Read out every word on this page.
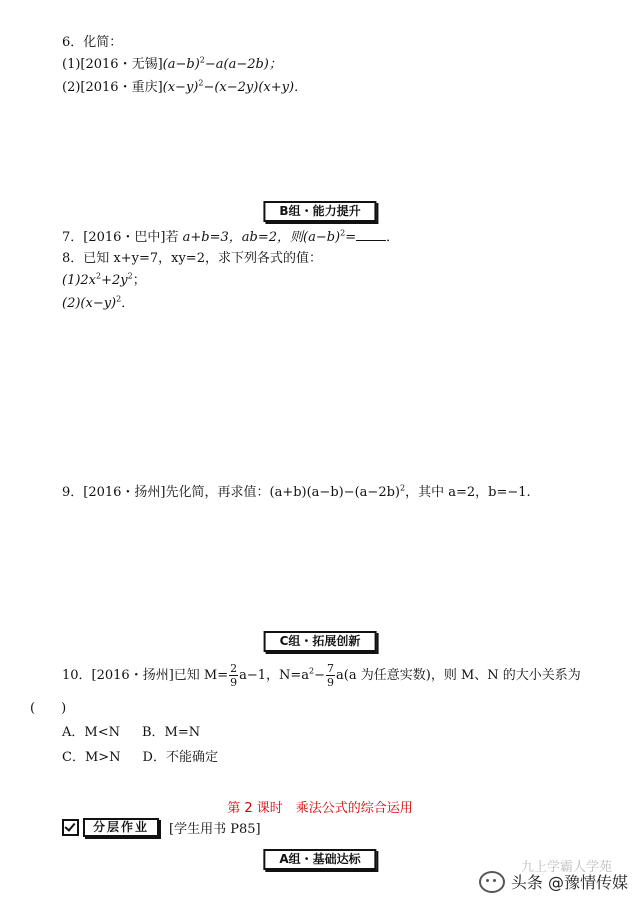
6．化简：
(1)[2016・无锡]$(a-b)^2-a(a-2b)$；
(2)[2016・重庆]$(x-y)^2-(x-2y)(x+y)$．
B组・能力提升
7．[2016・巴中]若 a+b=3，ab=2，则$(a-b)^2=$ ．
8．已知 x+y=7，xy=2，求下列各式的值：
$(1)2x^2+2y^2$；
$(2)(x-y)^2$．
9．[2016・扬州]先化简，再求值：$(a+b)(a-b)-(a-2b)^2$，其中 a=2，b=−1.
C组・拓展创新
10．[2016・扬州]已知 $M= \frac{2}{9} a-1$，$N=a^2- \frac{7}{9} a(a$ 为任意实数)，则 M、N 的大小关系为
(　　)
A．M<N B．M=N
C．M>N D．不能确定
第 2 课时　乘法公式的综合运用
分层作业	[学生用书 P85]
A组・基础达标
九上学霸人学苑
头条 @豫情传媒
